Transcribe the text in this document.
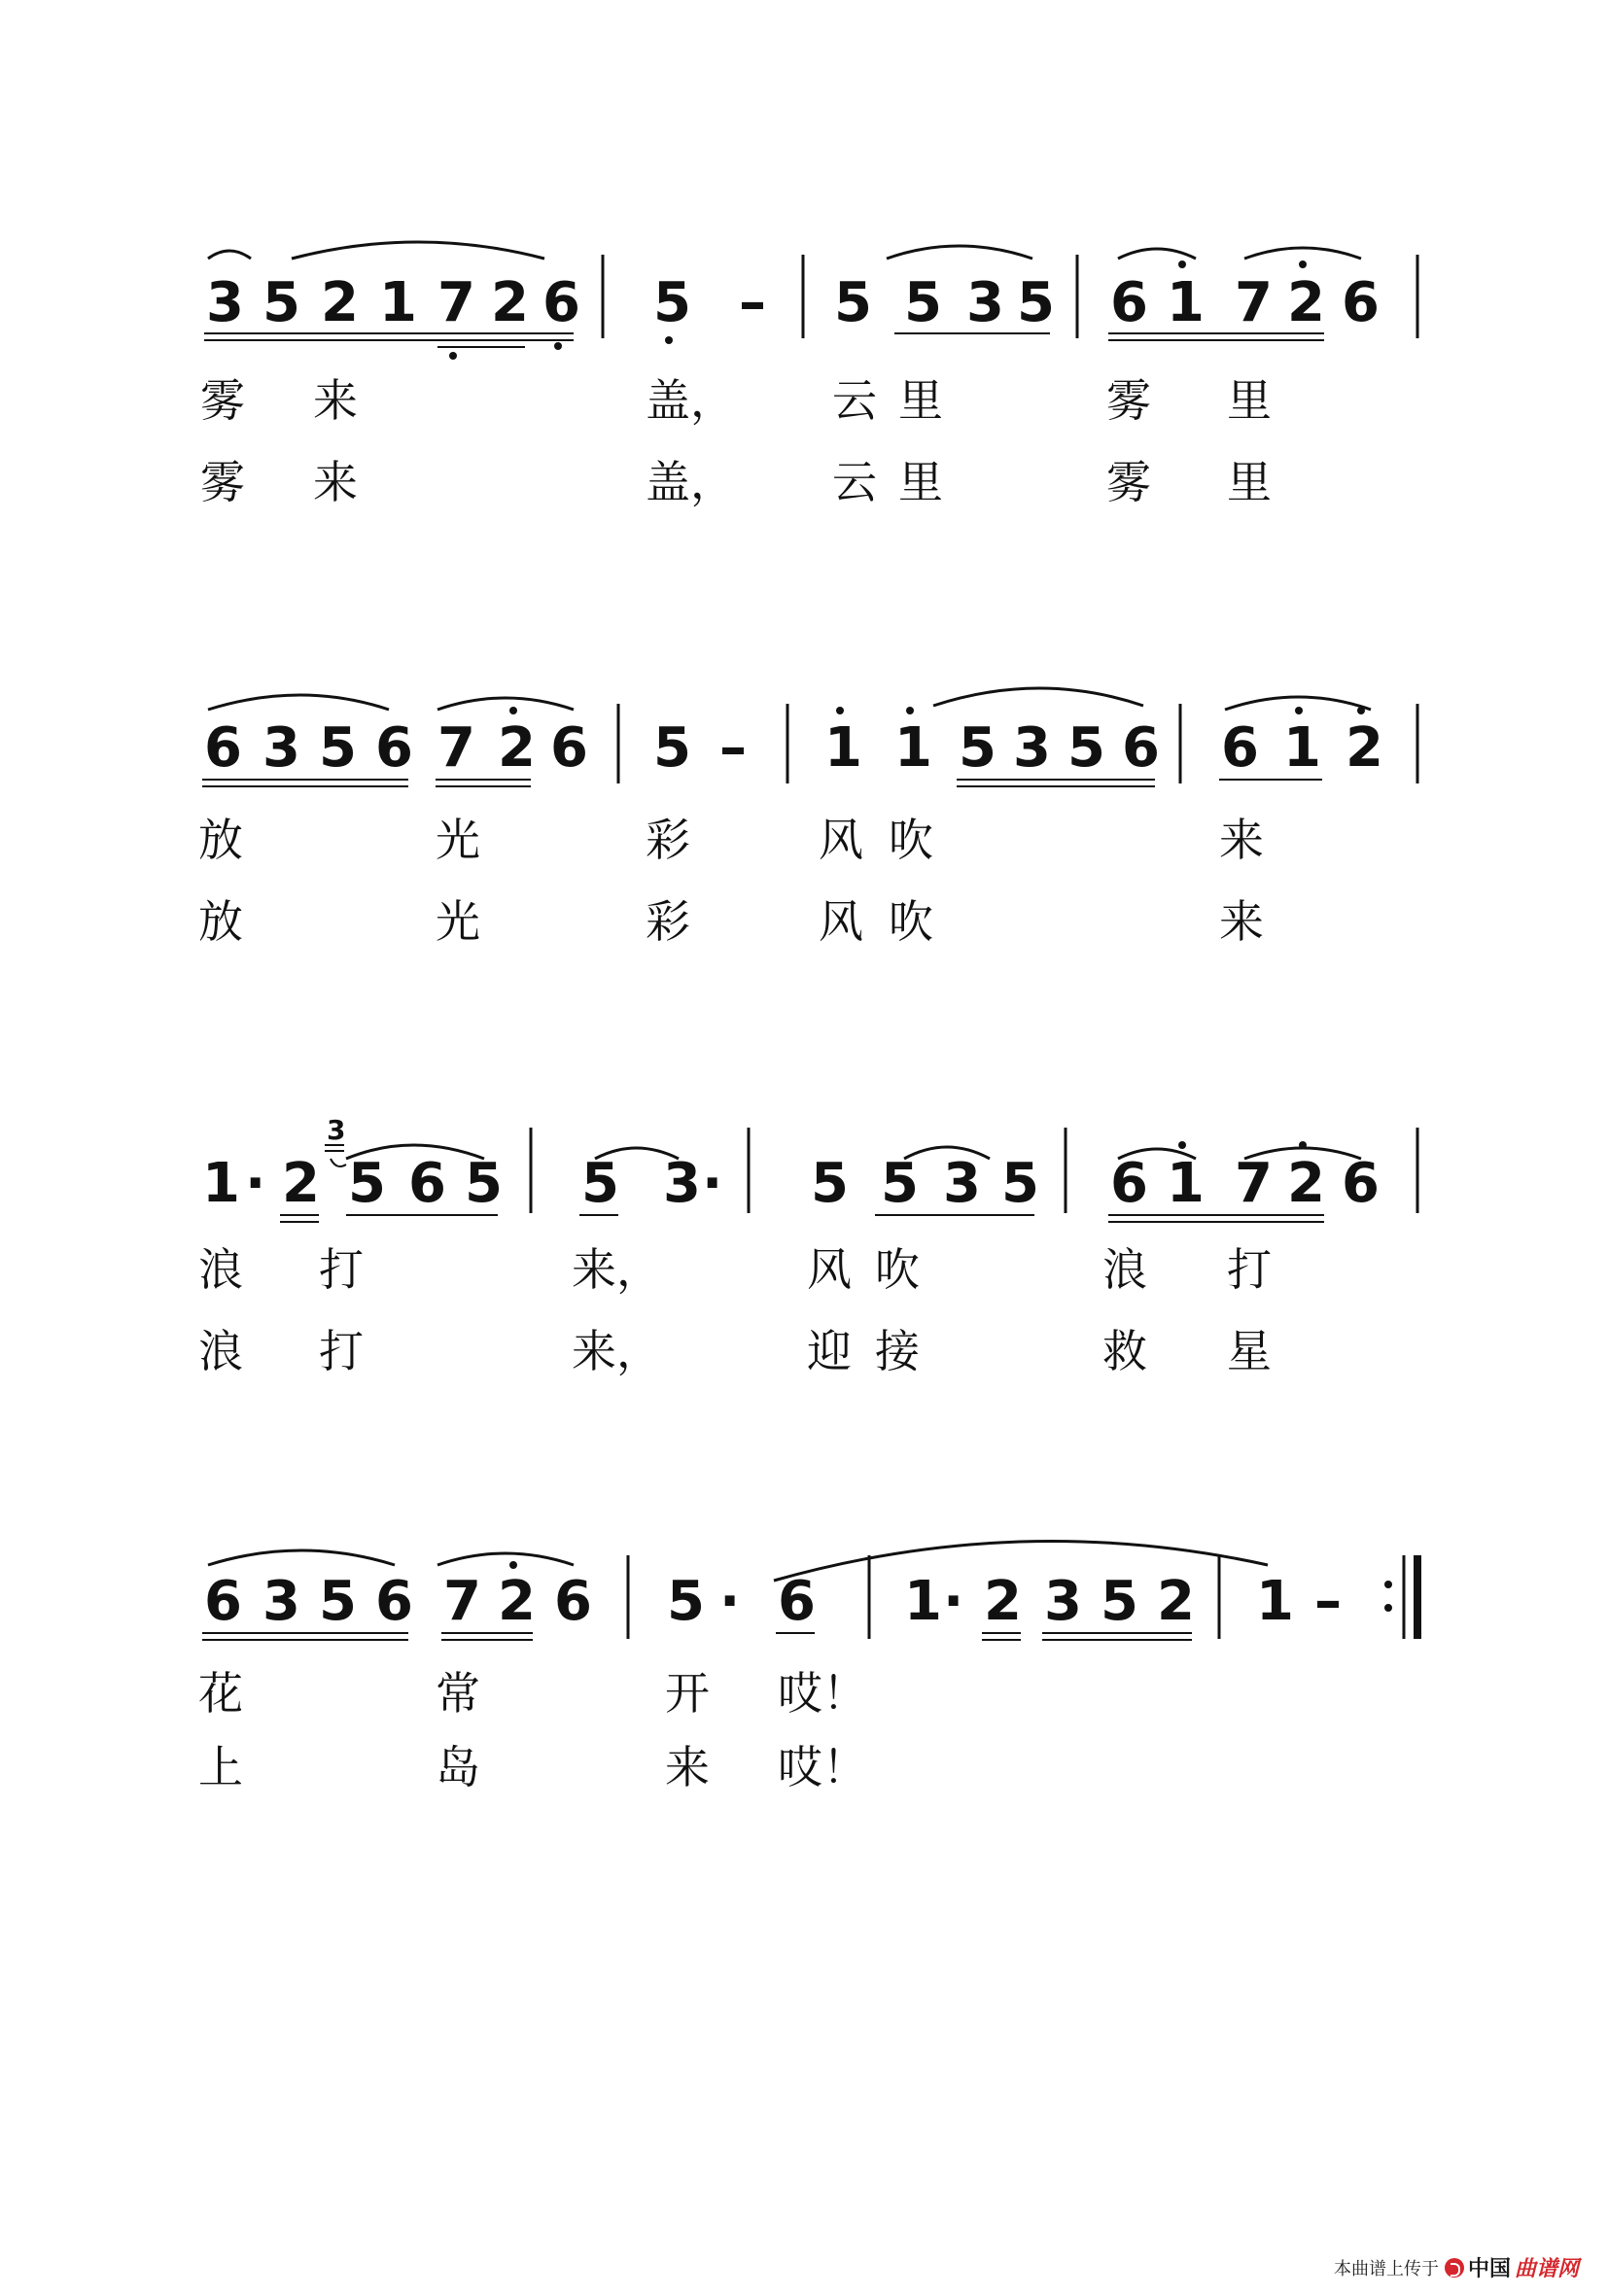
3 5 2 1 7 2 6 5 – 5 5 3 5 6 1 7 2 6
雾 来	盖， 云 里	雾 里
雾 来	盖， 云 里	雾 里
6 3 5 6 7 2 6 5 – 1 1 5 3 5 6 6 1 2
放	光	彩	风 吹	来
放	光	彩	风 吹	来
3
1 · 2 5 6 5 5 3 · 5 5 3 5 6 1 7 2 6
浪 打	来，	风 吹	浪 打
浪 打	来，	迎 接	救 星
6 3 5 6 7 2 6 5 · 6 1 · 2 3 5 2 1 –
花	常	开 哎！
上	岛	来 哎！
本曲谱上传于 中国 曲谱网
